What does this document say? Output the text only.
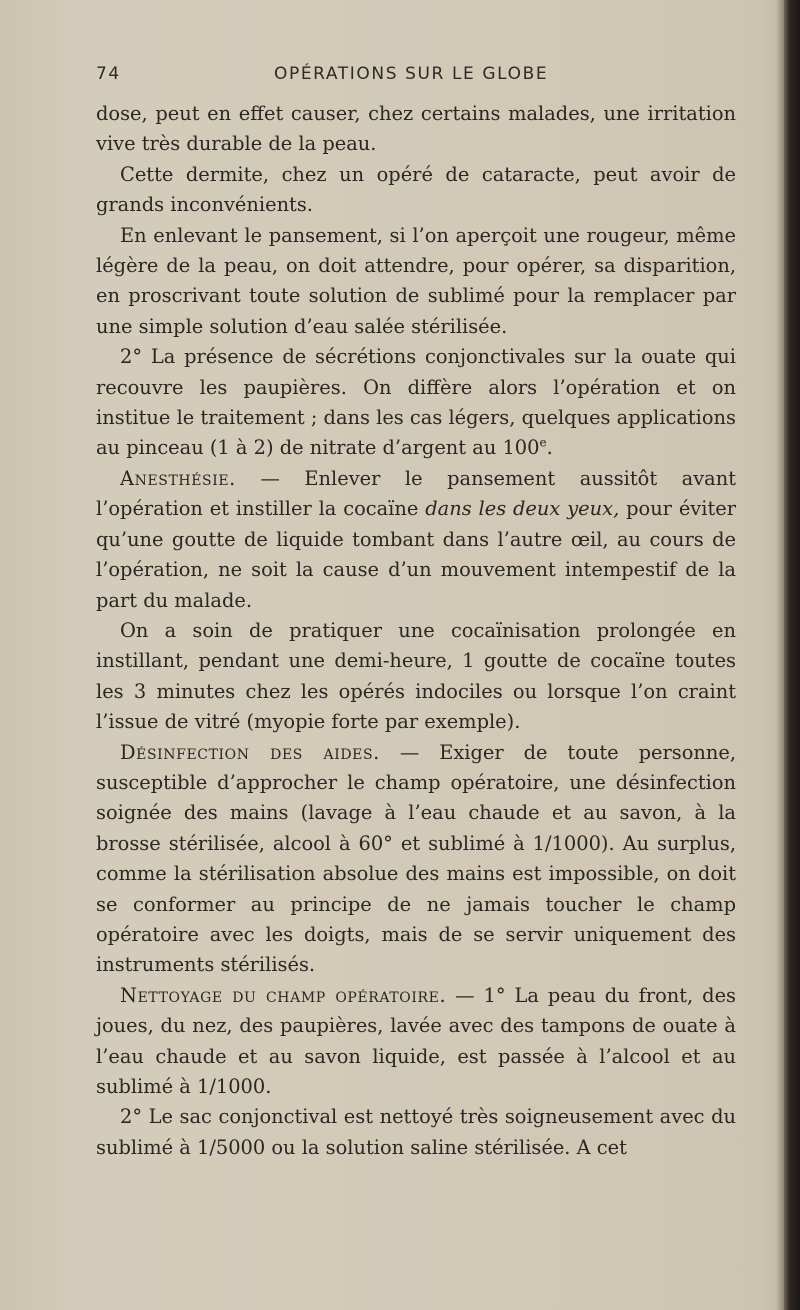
74	OPÉRATIONS SUR LE GLOBE

dose, peut en effet causer, chez certains malades, une irritation vive très durable de la peau.

Cette dermite, chez un opéré de cataracte, peut avoir de grands inconvénients.

En enlevant le pansement, si l’on aperçoit une rougeur, même légère de la peau, on doit attendre, pour opérer, sa disparition, en proscrivant toute solution de sublimé pour la remplacer par une simple solution d’eau salée stérilisée.

2° La présence de sécrétions conjonctivales sur la ouate qui recouvre les paupières. On diffère alors l’opération et on institue le traitement ; dans les cas légers, quelques applications au pinceau (1 à 2) de nitrate d’argent au 100e.

Anesthésie. — Enlever le pansement aussitôt avant l’opération et instiller la cocaïne dans les deux yeux, pour éviter qu’une goutte de liquide tombant dans l’autre œil, au cours de l’opération, ne soit la cause d’un mouvement intempestif de la part du malade.

On a soin de pratiquer une cocaïnisation prolongée en instillant, pendant une demi-heure, 1 goutte de cocaïne toutes les 3 minutes chez les opérés indociles ou lorsque l’on craint l’issue de vitré (myopie forte par exemple).

Désinfection des aides. — Exiger de toute personne, susceptible d’approcher le champ opératoire, une désinfection soignée des mains (lavage à l’eau chaude et au savon, à la brosse stérilisée, alcool à 60° et sublimé à 1/1000). Au surplus, comme la stérilisation absolue des mains est impossible, on doit se conformer au principe de ne jamais toucher le champ opératoire avec les doigts, mais de se servir uniquement des instruments stérilisés.

Nettoyage du champ opératoire. — 1° La peau du front, des joues, du nez, des paupières, lavée avec des tampons de ouate à l’eau chaude et au savon liquide, est passée à l’alcool et au sublimé à 1/1000.

2° Le sac conjonctival est nettoyé très soigneusement avec du sublimé à 1/5000 ou la solution saline stérilisée. A cet
